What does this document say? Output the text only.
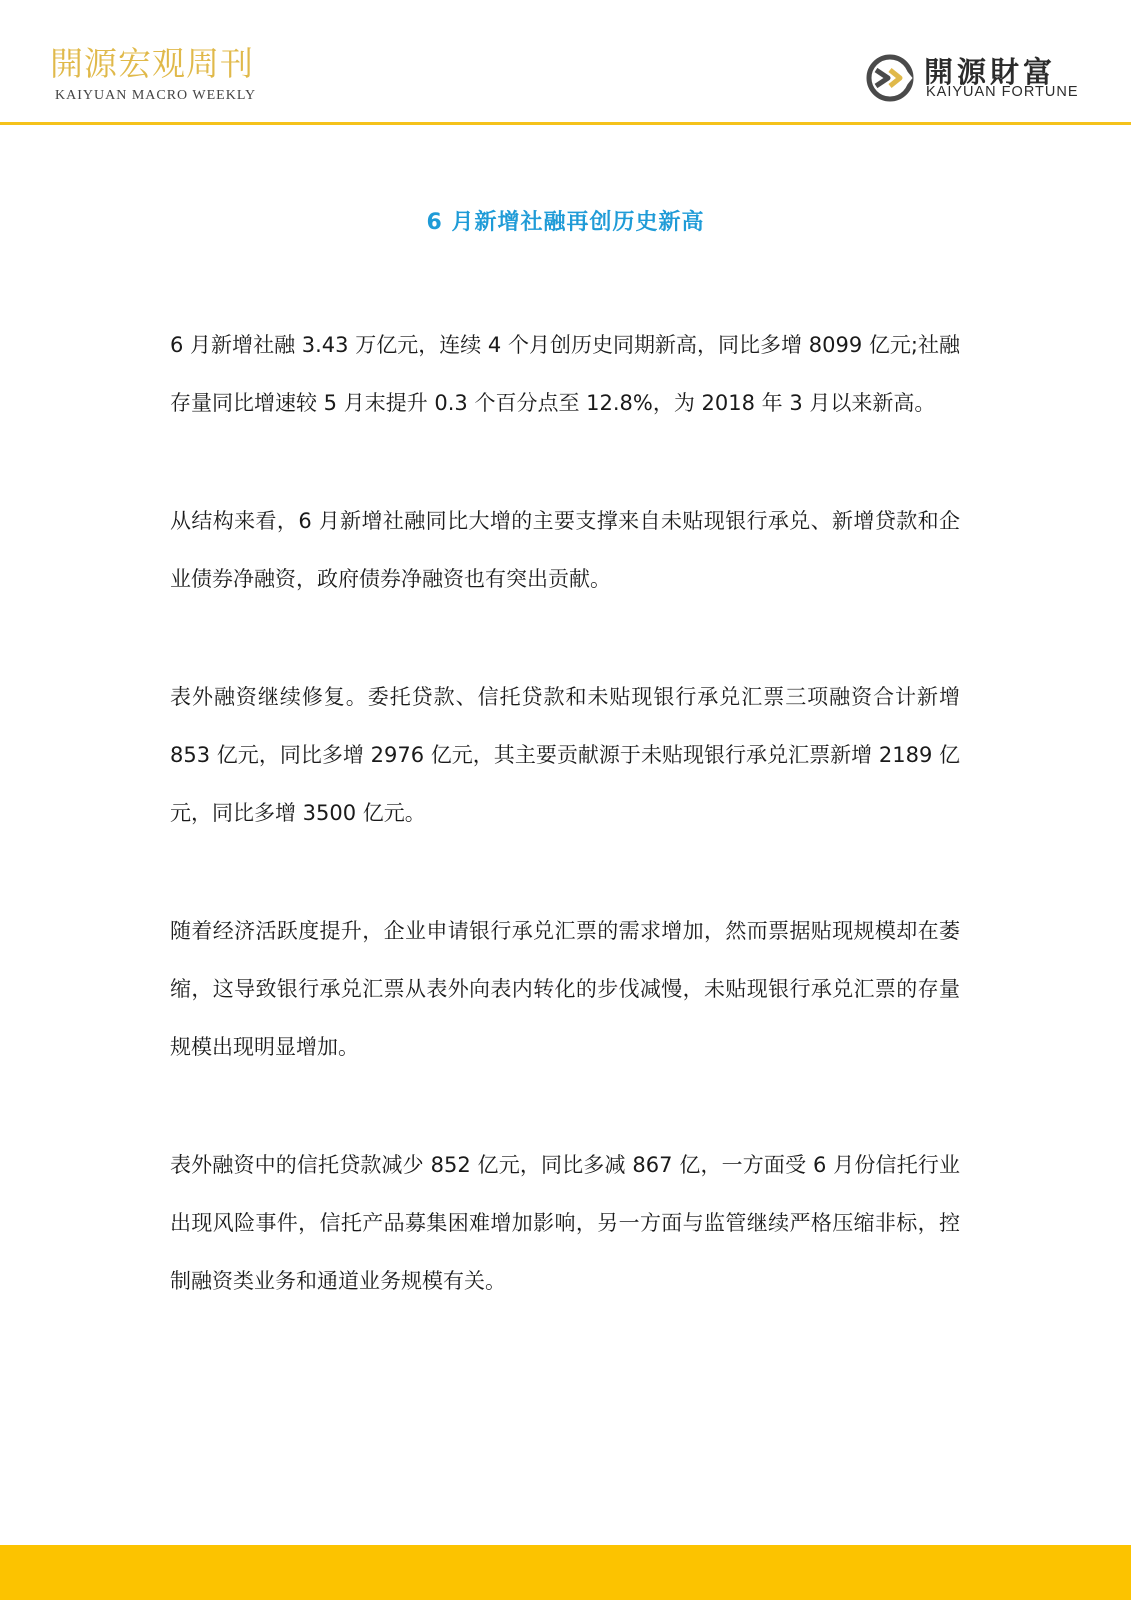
開源宏观周刊
KAIYUAN MACRO WEEKLY
開源財富
KAIYUAN FORTUNE
6 月新增社融再创历史新高

6 月新增社融 3.43 万亿元，连续 4 个月创历史同期新高，同比多增 8099 亿元;社融存量同比增速较 5 月末提升 0.3 个百分点至 12.8%，为 2018 年 3 月以来新高。

从结构来看，6 月新增社融同比大增的主要支撑来自未贴现银行承兑、新增贷款和企业债券净融资，政府债券净融资也有突出贡献。

表外融资继续修复。委托贷款、信托贷款和未贴现银行承兑汇票三项融资合计新增 853 亿元，同比多增 2976 亿元，其主要贡献源于未贴现银行承兑汇票新增 2189 亿元，同比多增 3500 亿元。

随着经济活跃度提升，企业申请银行承兑汇票的需求增加，然而票据贴现规模却在萎缩，这导致银行承兑汇票从表外向表内转化的步伐减慢，未贴现银行承兑汇票的存量规模出现明显增加。

表外融资中的信托贷款减少 852 亿元，同比多减 867 亿，一方面受 6 月份信托行业出现风险事件，信托产品募集困难增加影响，另一方面与监管继续严格压缩非标，控制融资类业务和通道业务规模有关。
